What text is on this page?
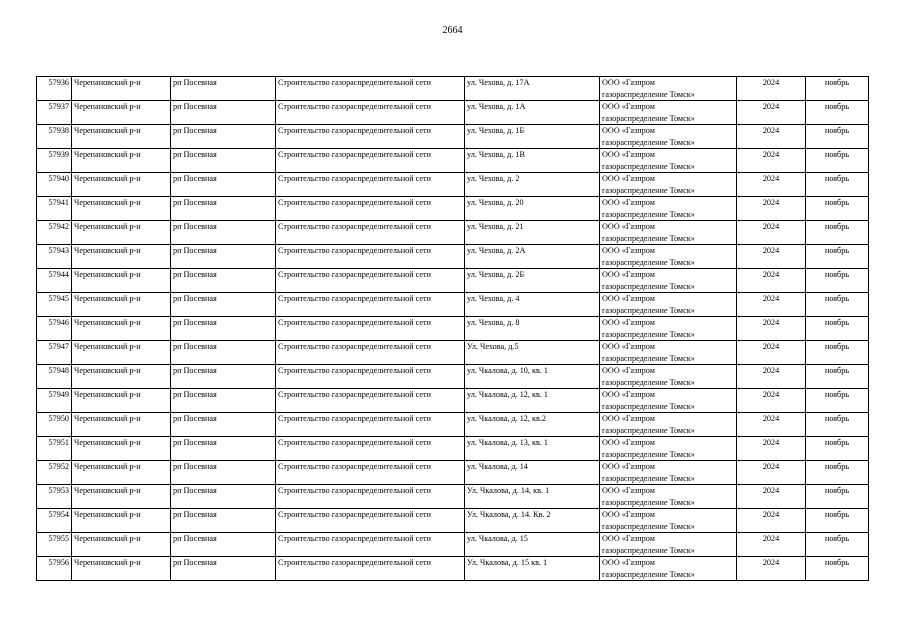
2664
57936	Черепановский р-н	рп Посевная	Строительство газораспределительной сети	ул. Чехова, д. 17А	ООО «Газпром
газораспределение Томск»	2024	ноябрь
57937	Черепановский р-н	рп Посевная	Строительство газораспределительной сети	ул. Чехова, д. 1А	ООО «Газпром
газораспределение Томск»	2024	ноябрь
57938	Черепановский р-н	рп Посевная	Строительство газораспределительной сети	ул. Чехова, д. 1Б	ООО «Газпром
газораспределение Томск»	2024	ноябрь
57939	Черепановский р-н	рп Посевная	Строительство газораспределительной сети	ул. Чехова, д. 1В	ООО «Газпром
газораспределение Томск»	2024	ноябрь
57940	Черепановский р-н	рп Посевная	Строительство газораспределительной сети	ул. Чехова, д. 2	ООО «Газпром
газораспределение Томск»	2024	ноябрь
57941	Черепановский р-н	рп Посевная	Строительство газораспределительной сети	ул. Чехова, д. 20	ООО «Газпром
газораспределение Томск»	2024	ноябрь
57942	Черепановский р-н	рп Посевная	Строительство газораспределительной сети	ул. Чехова, д. 21	ООО «Газпром
газораспределение Томск»	2024	ноябрь
57943	Черепановский р-н	рп Посевная	Строительство газораспределительной сети	ул. Чехова, д. 2А	ООО «Газпром
газораспределение Томск»	2024	ноябрь
57944	Черепановский р-н	рп Посевная	Строительство газораспределительной сети	ул. Чехова, д. 2Б	ООО «Газпром
газораспределение Томск»	2024	ноябрь
57945	Черепановский р-н	рп Посевная	Строительство газораспределительной сети	ул. Чехова, д. 4	ООО «Газпром
газораспределение Томск»	2024	ноябрь
57946	Черепановский р-н	рп Посевная	Строительство газораспределительной сети	ул. Чехова, д. 8	ООО «Газпром
газораспределение Томск»	2024	ноябрь
57947	Черепановский р-н	рп Посевная	Строительство газораспределительной сети	Ул. Чехова, д.5	ООО «Газпром
газораспределение Томск»	2024	ноябрь
57948	Черепановский р-н	рп Посевная	Строительство газораспределительной сети	ул. Чкалова, д. 10, кв. 1	ООО «Газпром
газораспределение Томск»	2024	ноябрь
57949	Черепановский р-н	рп Посевная	Строительство газораспределительной сети	ул. Чкалова, д. 12, кв. 1	ООО «Газпром
газораспределение Томск»	2024	ноябрь
57950	Черепановский р-н	рп Посевная	Строительство газораспределительной сети	ул. Чкалова, д. 12, кв.2	ООО «Газпром
газораспределение Томск»	2024	ноябрь
57951	Черепановский р-н	рп Посевная	Строительство газораспределительной сети	ул. Чкалова, д. 13, кв. 1	ООО «Газпром
газораспределение Томск»	2024	ноябрь
57952	Черепановский р-н	рп Посевная	Строительство газораспределительной сети	ул. Чкалова, д. 14	ООО «Газпром
газораспределение Томск»	2024	ноябрь
57953	Черепановский р-н	рп Посевная	Строительство газораспределительной сети	Ул. Чкалова, д. 14, кв. 1	ООО «Газпром
газораспределение Томск»	2024	ноябрь
57954	Черепановский р-н	рп Посевная	Строительство газораспределительной сети	Ул. Чкалова, д. 14. Кв. 2	ООО «Газпром
газораспределение Томск»	2024	ноябрь
57955	Черепановский р-н	рп Посевная	Строительство газораспределительной сети	ул. Чкалова, д. 15	ООО «Газпром
газораспределение Томск»	2024	ноябрь
57956	Черепановский р-н	рп Посевная	Строительство газораспределительной сети	Ул. Чкалова, д. 15 кв. 1	ООО «Газпром
газораспределение Томск»	2024	ноябрь
